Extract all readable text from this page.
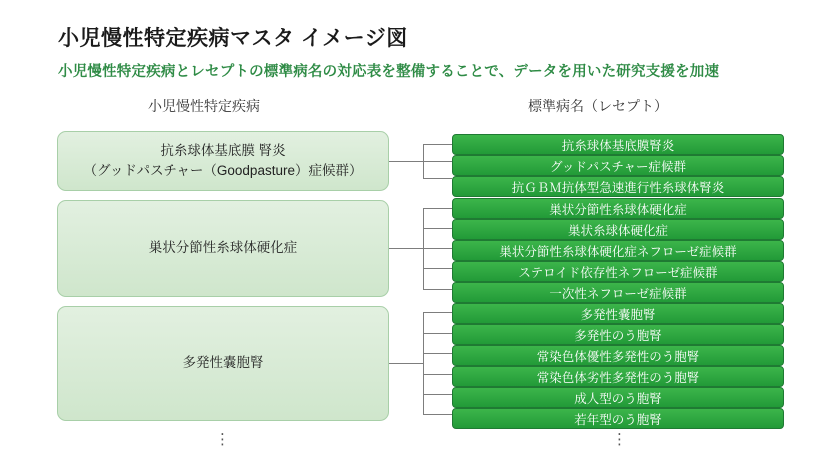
小児慢性特定疾病マスタ イメージ図
小児慢性特定疾病とレセプトの標準病名の対応表を整備することで、データを用いた研究支援を加速
小児慢性特定疾病	標準病名（レセプト）
抗糸球体基底膜 腎炎
（グッドパスチャー（Goodpasture）症候群）
抗糸球体基底膜腎炎
グッドパスチャー症候群
抗ＧＢＭ抗体型急速進行性糸球体腎炎
巣状分節性糸球体硬化症
巣状分節性糸球体硬化症
巣状糸球体硬化症
巣状分節性糸球体硬化症ネフローゼ症候群
ステロイド依存性ネフローゼ症候群
一次性ネフローゼ症候群
多発性嚢胞腎
多発性嚢胞腎
多発性のう胞腎
常染色体優性多発性のう胞腎
常染色体劣性多発性のう胞腎
成人型のう胞腎
若年型のう胞腎
⋮	⋮
